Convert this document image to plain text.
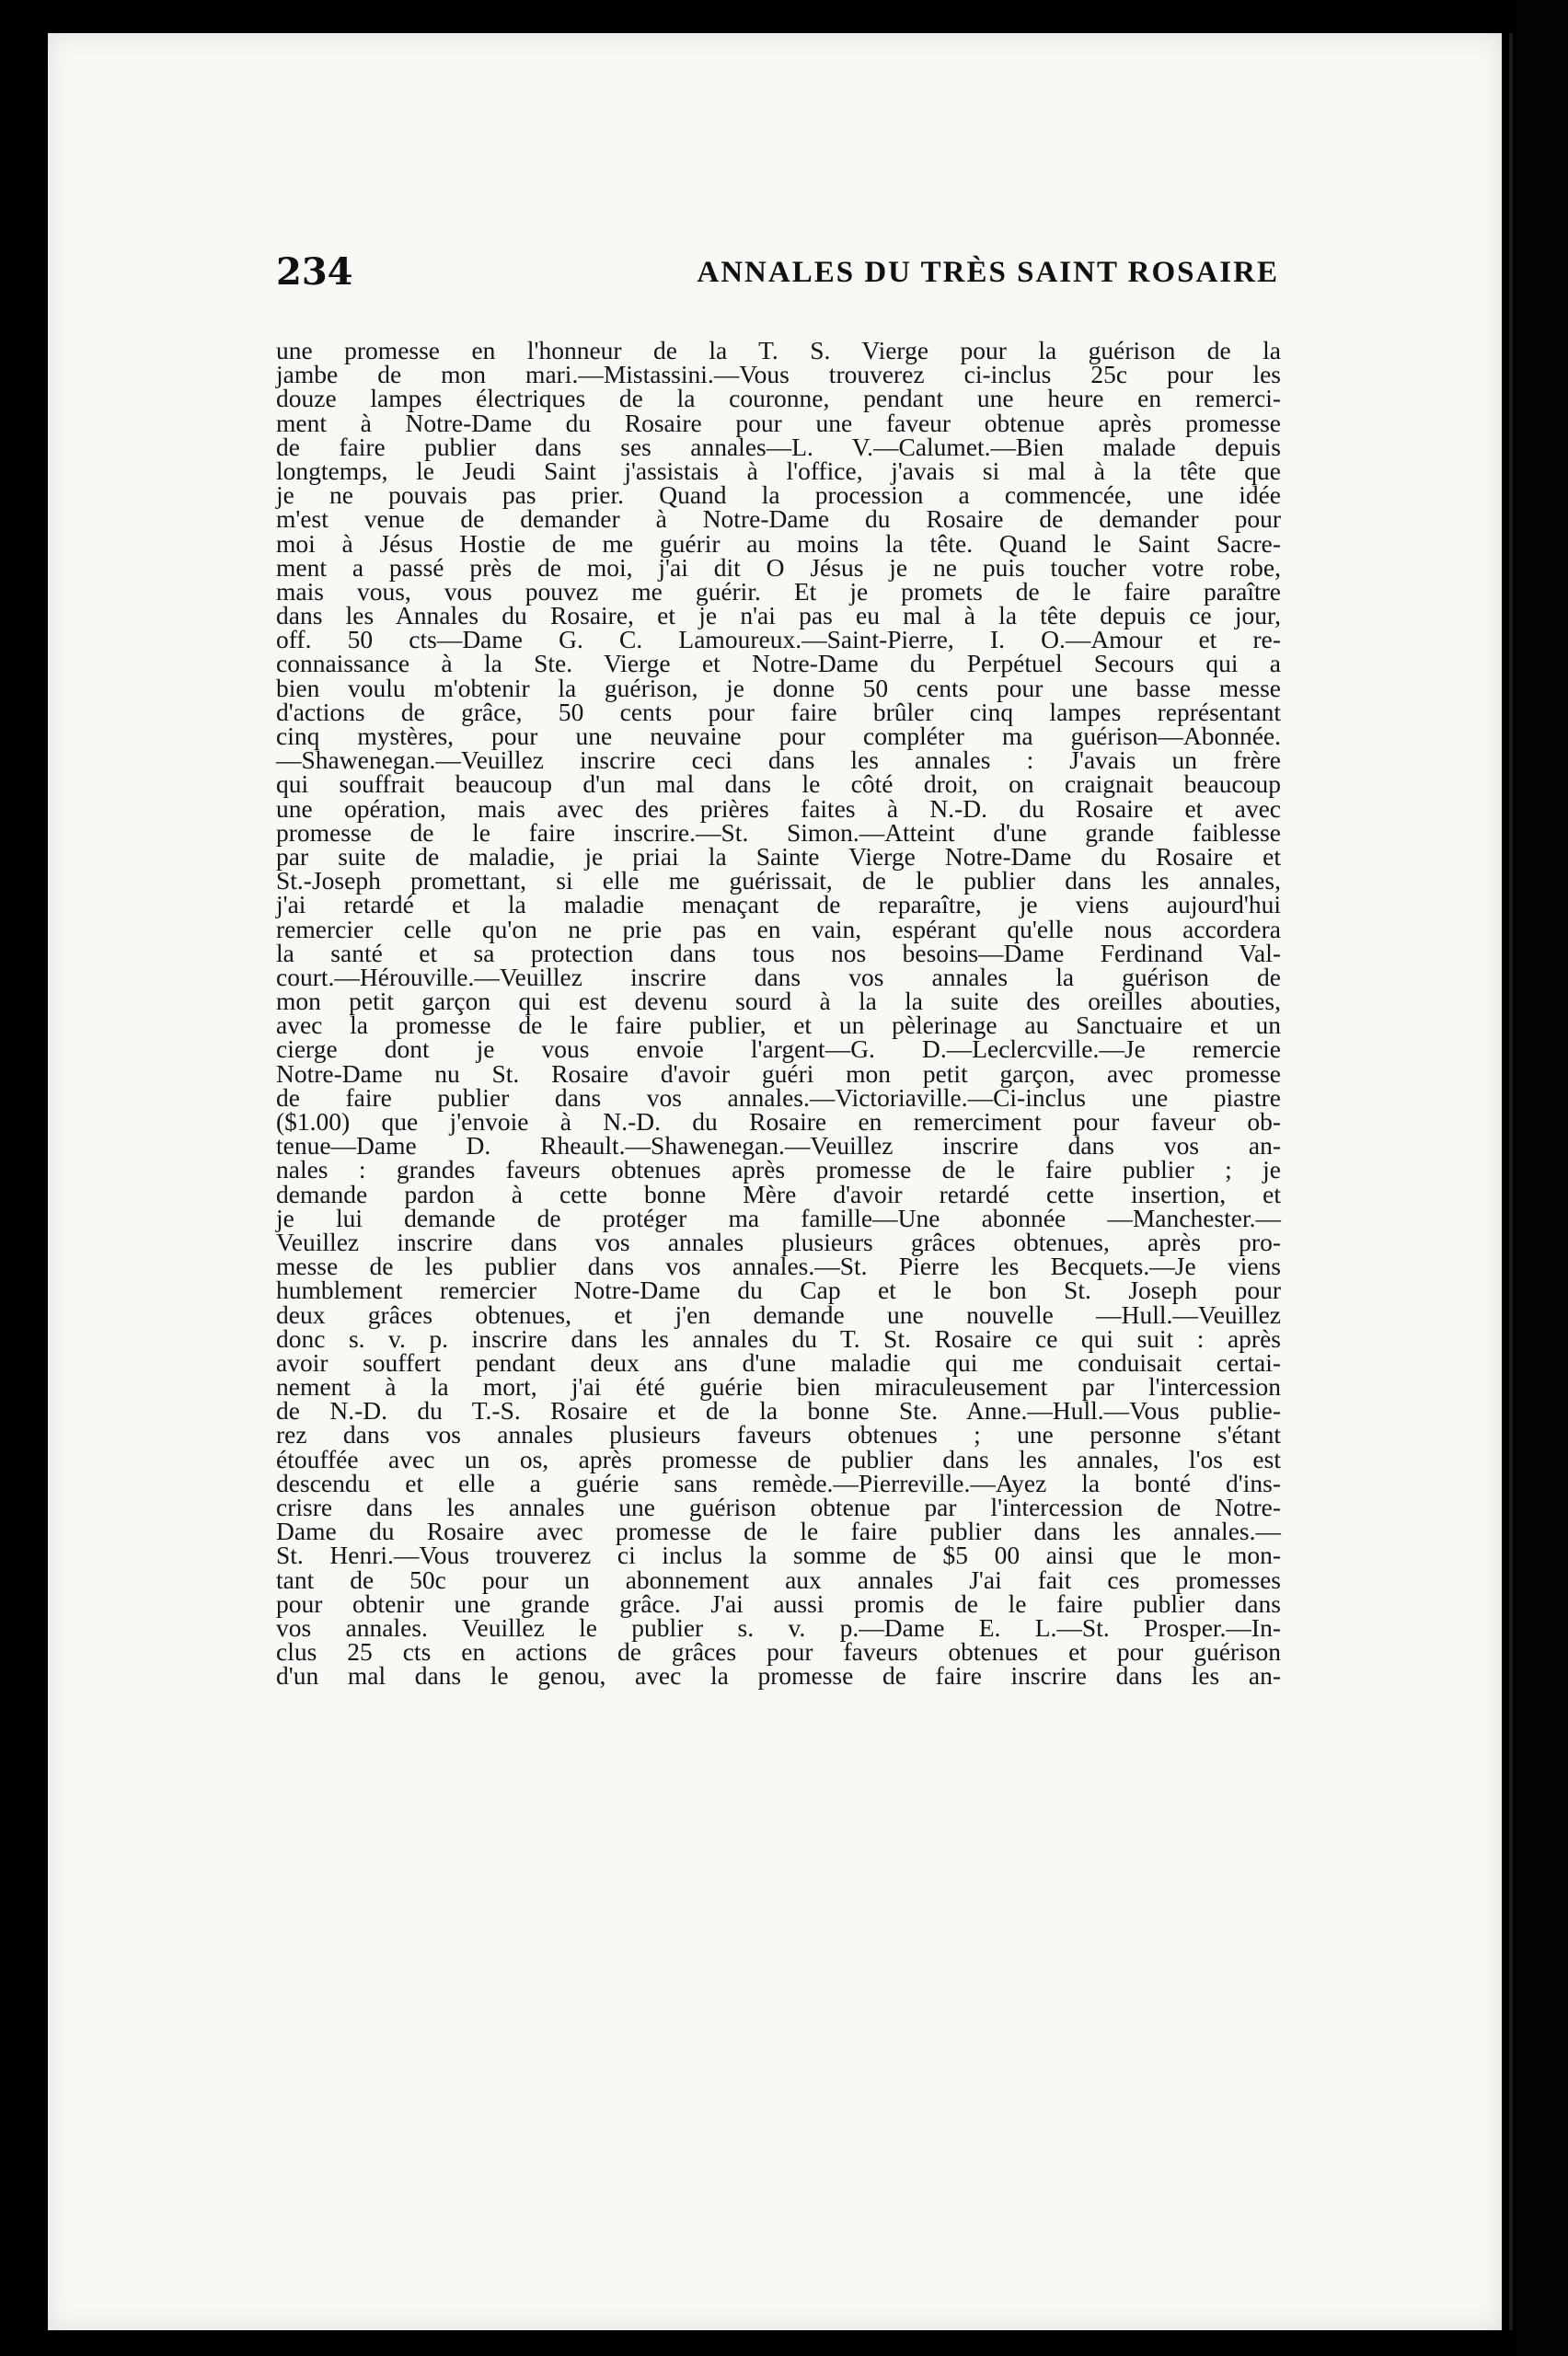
234	ANNALES DU TRÈS SAINT ROSAIRE
une promesse en l'honneur de la T. S. Vierge pour la guérison de la
jambe de mon mari.—Mistassini.—Vous trouverez ci-inclus 25c pour les
douze lampes électriques de la couronne, pendant une heure en remerci-
ment à Notre-Dame du Rosaire pour une faveur obtenue après promesse
de faire publier dans ses annales—L. V.—Calumet.—Bien malade depuis
longtemps, le Jeudi Saint j'assistais à l'office, j'avais si mal à la tête que
je ne pouvais pas prier. Quand la procession a commencée, une idée
m'est venue de demander à Notre-Dame du Rosaire de demander pour
moi à Jésus Hostie de me guérir au moins la tête. Quand le Saint Sacre-
ment a passé près de moi, j'ai dit O Jésus je ne puis toucher votre robe,
mais vous, vous pouvez me guérir. Et je promets de le faire paraître
dans les Annales du Rosaire, et je n'ai pas eu mal à la tête depuis ce jour,
off. 50 cts—Dame G. C. Lamoureux.—Saint-Pierre, I. O.—Amour et re-
connaissance à la Ste. Vierge et Notre-Dame du Perpétuel Secours qui a
bien voulu m'obtenir la guérison, je donne 50 cents pour une basse messe
d'actions de grâce, 50 cents pour faire brûler cinq lampes représentant
cinq mystères, pour une neuvaine pour compléter ma guérison—Abonnée.
—Shawenegan.—Veuillez inscrire ceci dans les annales : J'avais un frère
qui souffrait beaucoup d'un mal dans le côté droit, on craignait beaucoup
une opération, mais avec des prières faites à N.-D. du Rosaire et avec
promesse de le faire inscrire.—St. Simon.—Atteint d'une grande faiblesse
par suite de maladie, je priai la Sainte Vierge Notre-Dame du Rosaire et
St.-Joseph promettant, si elle me guérissait, de le publier dans les annales,
j'ai retardé et la maladie menaçant de reparaître, je viens aujourd'hui
remercier celle qu'on ne prie pas en vain, espérant qu'elle nous accordera
la santé et sa protection dans tous nos besoins—Dame Ferdinand Val-
court.—Hérouville.—Veuillez inscrire dans vos annales la guérison de
mon petit garçon qui est devenu sourd à la la suite des oreilles abouties,
avec la promesse de le faire publier, et un pèlerinage au Sanctuaire et un
cierge dont je vous envoie l'argent—G. D.—Leclercville.—Je remercie
Notre-Dame nu St. Rosaire d'avoir guéri mon petit garçon, avec promesse
de faire publier dans vos annales.—Victoriaville.—Ci-inclus une piastre
($1.00) que j'envoie à N.-D. du Rosaire en remerciment pour faveur ob-
tenue—Dame D. Rheault.—Shawenegan.—Veuillez inscrire dans vos an-
nales : grandes faveurs obtenues après promesse de le faire publier ; je
demande pardon à cette bonne Mère d'avoir retardé cette insertion, et
je lui demande de protéger ma famille—Une abonnée —Manchester.—
Veuillez inscrire dans vos annales plusieurs grâces obtenues, après pro-
messe de les publier dans vos annales.—St. Pierre les Becquets.—Je viens
humblement remercier Notre-Dame du Cap et le bon St. Joseph pour
deux grâces obtenues, et j'en demande une nouvelle —Hull.—Veuillez
donc s. v. p. inscrire dans les annales du T. St. Rosaire ce qui suit : après
avoir souffert pendant deux ans d'une maladie qui me conduisait certai-
nement à la mort, j'ai été guérie bien miraculeusement par l'intercession
de N.-D. du T.-S. Rosaire et de la bonne Ste. Anne.—Hull.—Vous publie-
rez dans vos annales plusieurs faveurs obtenues ; une personne s'étant
étouffée avec un os, après promesse de publier dans les annales, l'os est
descendu et elle a guérie sans remède.—Pierreville.—Ayez la bonté d'ins-
crisre dans les annales une guérison obtenue par l'intercession de Notre-
Dame du Rosaire avec promesse de le faire publier dans les annales.—
St. Henri.—Vous trouverez ci inclus la somme de $5 00 ainsi que le mon-
tant de 50c pour un abonnement aux annales J'ai fait ces promesses
pour obtenir une grande grâce. J'ai aussi promis de le faire publier dans
vos annales. Veuillez le publier s. v. p.—Dame E. L.—St. Prosper.—In-
clus 25 cts en actions de grâces pour faveurs obtenues et pour guérison
d'un mal dans le genou, avec la promesse de faire inscrire dans les an-
